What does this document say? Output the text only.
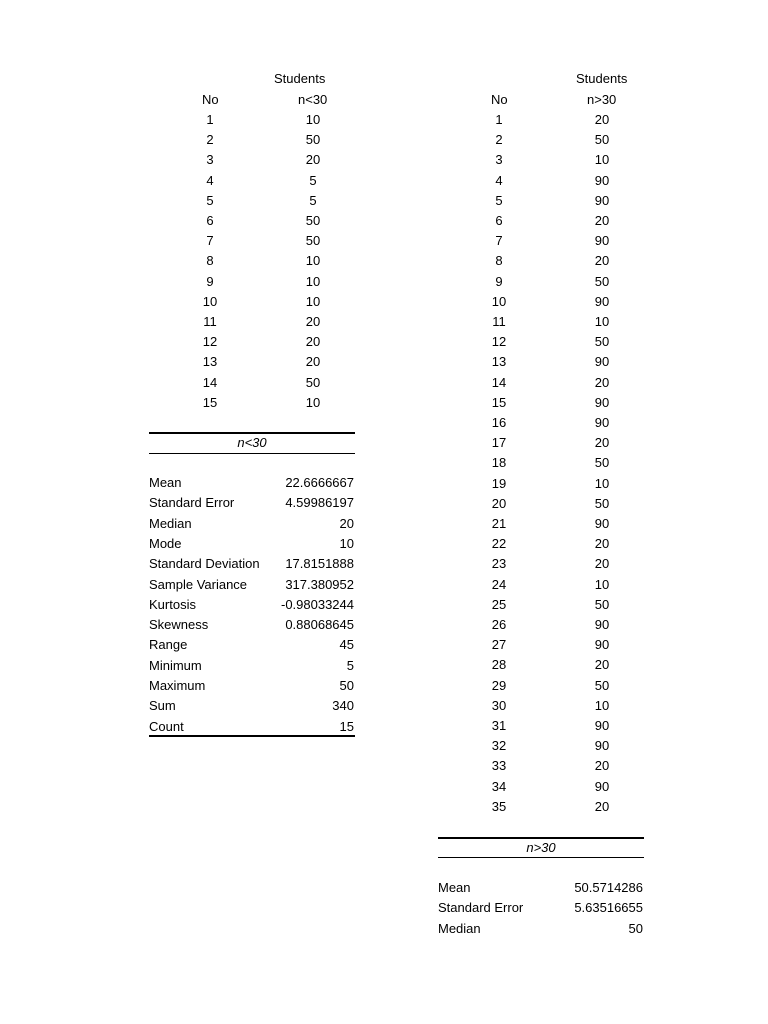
Students
No	n<30
1	10
2	50
3	20
4	5
5	5
6	50
7	50
8	10
9	10
10	10
11	20
12	20
13	20
14	50
15	10
n<30
Mean	22.6666667
Standard Error	4.59986197
Median	20
Mode	10
Standard Deviation 17.8151888
Sample Variance	317.380952
Kurtosis	-0.98033244
Skewness	0.88068645
Range	45
Minimum	5
Maximum	50
Sum	340
Count	15
Students
No	n>30
1	20
2	50
3	10
4	90
5	90
6	20
7	90
8	20
9	50
10	90
11	10
12	50
13	90
14	20
15	90
16	90
17	20
18	50
19	10
20	50
21	90
22	20
23	20
24	10
25	50
26	90
27	90
28	20
29	50
30	10
31	90
32	90
33	20
34	90
35	20
n>30
Mean	50.5714286
Standard Error	5.63516655
Median	50
